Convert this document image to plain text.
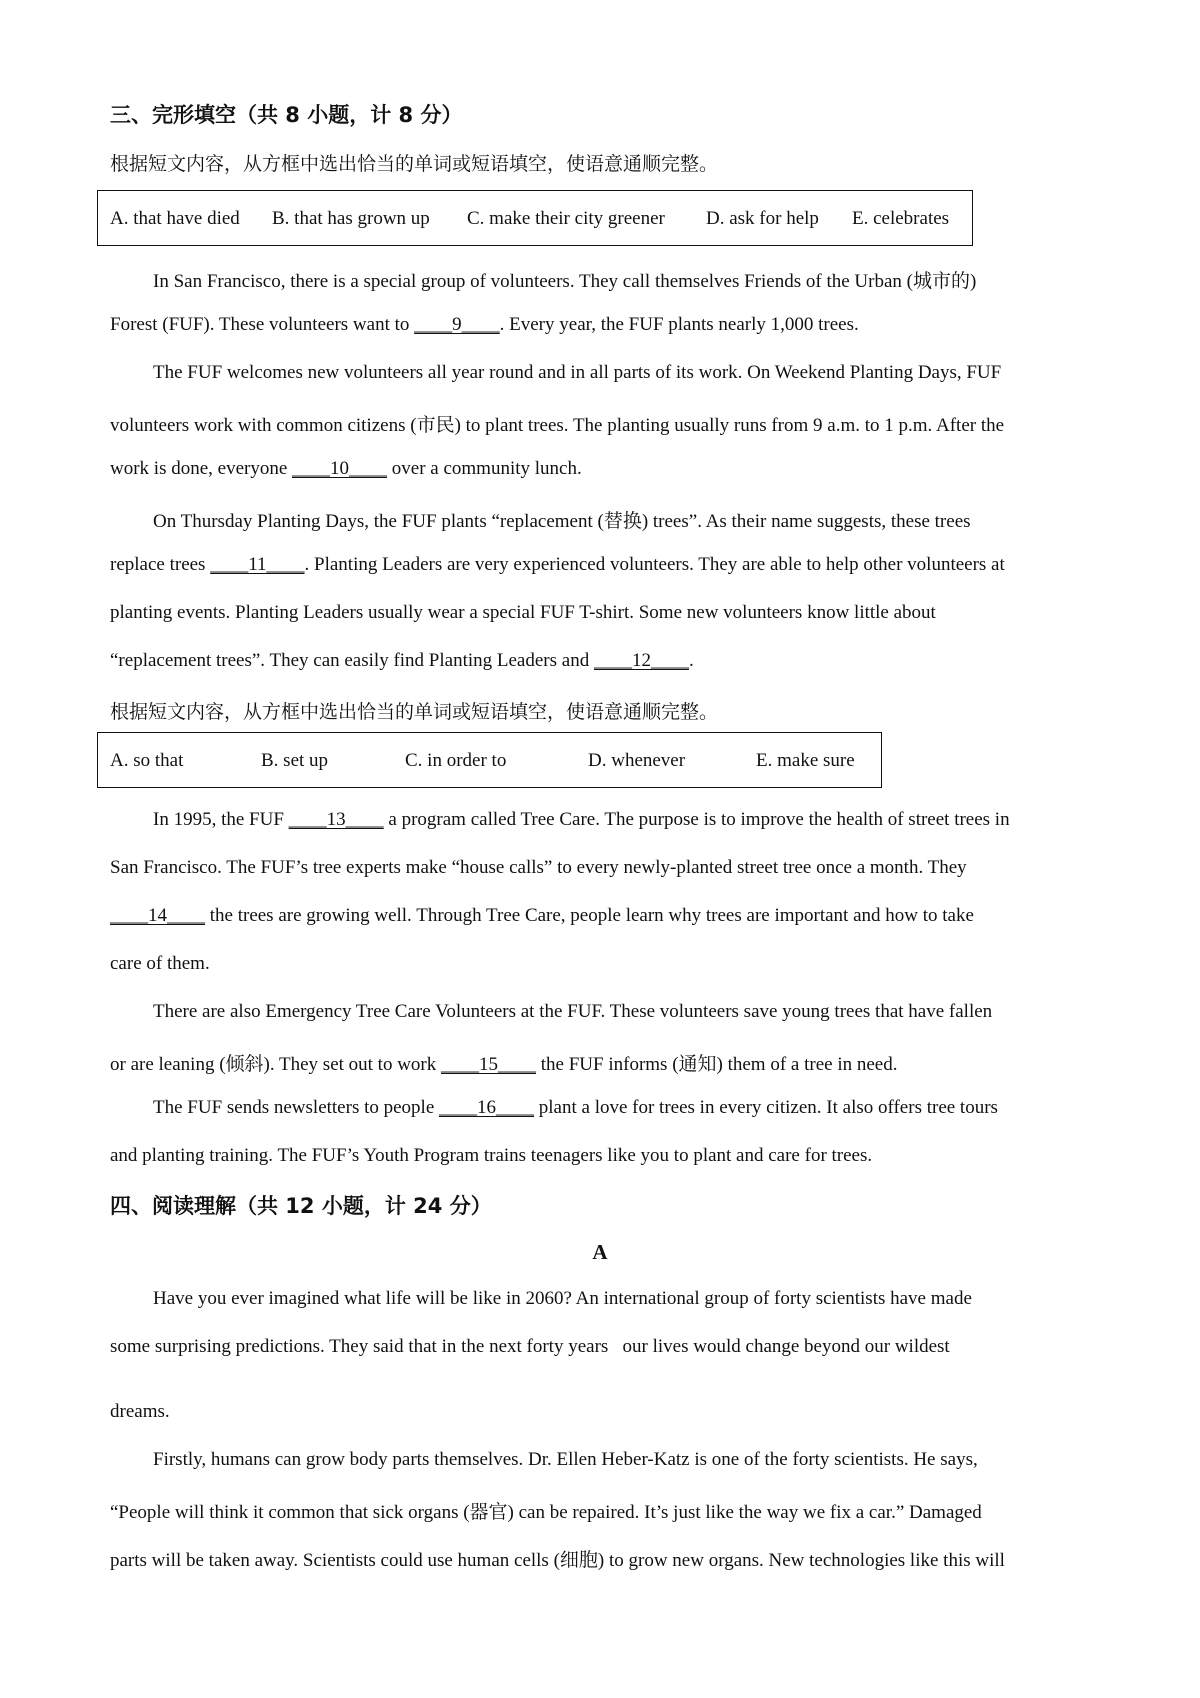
三、完形填空（共 8 小题，计 8 分）
根据短文内容，从方框中选出恰当的单词或短语填空，使语意通顺完整。
A. that have died B. that has grown up C. make their city greener D. ask for help E. celebrates
In San Francisco, there is a special group of volunteers. They call themselves Friends of the Urban (城市的)
Forest (FUF). These volunteers want to ____9____. Every year, the FUF plants nearly 1,000 trees.
The FUF welcomes new volunteers all year round and in all parts of its work. On Weekend Planting Days, FUF
volunteers work with common citizens (市民) to plant trees. The planting usually runs from 9 a.m. to 1 p.m. After the
work is done, everyone ____10____ over a community lunch.
On Thursday Planting Days, the FUF plants “replacement (替换) trees”. As their name suggests, these trees
replace trees ____11____. Planting Leaders are very experienced volunteers. They are able to help other volunteers at
planting events. Planting Leaders usually wear a special FUF T-shirt. Some new volunteers know little about
“replacement trees”. They can easily find Planting Leaders and ____12____.
根据短文内容，从方框中选出恰当的单词或短语填空，使语意通顺完整。
A. so that	B. set up	C. in order to	D. whenever	E. make sure
In 1995, the FUF ____13____ a program called Tree Care. The purpose is to improve the health of street trees in
San Francisco. The FUF’s tree experts make “house calls” to every newly-planted street tree once a month. They
____14____ the trees are growing well. Through Tree Care, people learn why trees are important and how to take
care of them.
There are also Emergency Tree Care Volunteers at the FUF. These volunteers save young trees that have fallen
or are leaning (倾斜). They set out to work ____15____ the FUF informs (通知) them of a tree in need.
The FUF sends newsletters to people ____16____ plant a love for trees in every citizen. It also offers tree tours
and planting training. The FUF’s Youth Program trains teenagers like you to plant and care for trees.
四、阅读理解（共 12 小题，计 24 分）
A
Have you ever imagined what life will be like in 2060? An international group of forty scientists have made
some surprising predictions. They said that in the next forty years   our lives would change beyond our wildest
dreams.
Firstly, humans can grow body parts themselves. Dr. Ellen Heber-Katz is one of the forty scientists. He says,
“People will think it common that sick organs (器官) can be repaired. It’s just like the way we fix a car.” Damaged
parts will be taken away. Scientists could use human cells (细胞) to grow new organs. New technologies like this will
